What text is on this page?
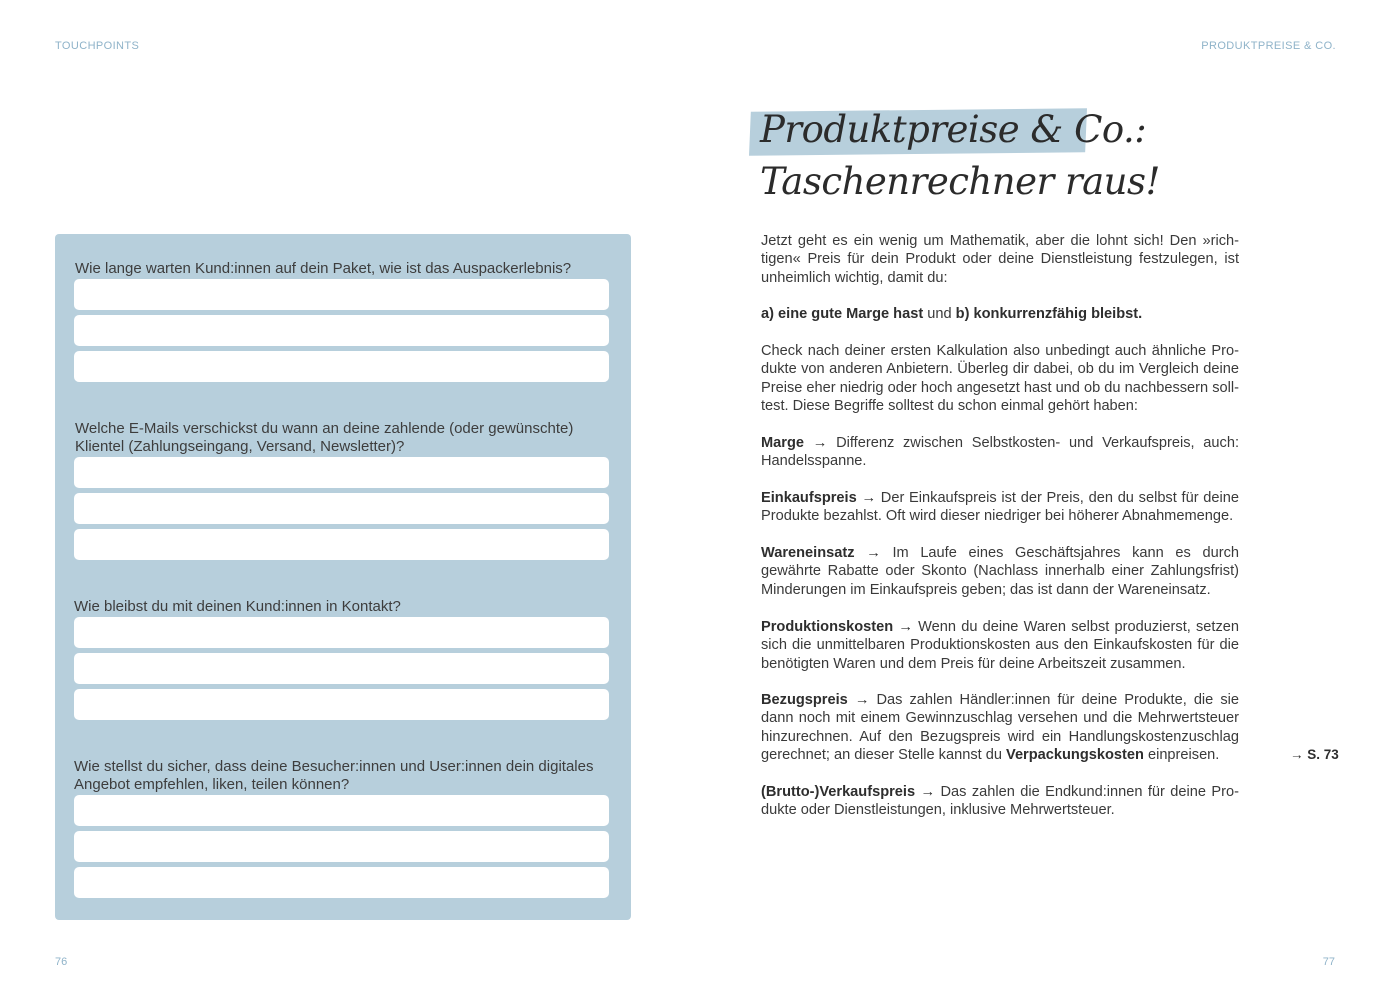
TOUCHPOINTS	PRODUKTPREISE & CO.
Wie lange warten Kund:innen auf dein Paket, wie ist das Auspackerlebnis?
Welche E-Mails verschickst du wann an deine zahlende (oder gewünschte) Klientel (Zahlungseingang, Versand, Newsletter)?
Wie bleibst du mit deinen Kund:innen in Kontakt?
Wie stellst du sicher, dass deine Besucher:innen und User:innen dein digitales Angebot empfehlen, liken, teilen können?
Produktpreise & Co.:
Taschenrechner raus!

Jetzt geht es ein wenig um Mathematik, aber die lohnt sich! Den »richtigen« Preis für dein Produkt oder deine Dienstleistung festzulegen, ist unheimlich wichtig, damit du:

a) eine gute Marge hast und b) konkurrenzfähig bleibst.

Check nach deiner ersten Kalkulation also unbedingt auch ähnliche Produkte von anderen Anbietern. Überleg dir dabei, ob du im Vergleich deine Preise eher niedrig oder hoch angesetzt hast und ob du nachbessern solltest. Diese Begriffe solltest du schon einmal gehört haben:

Marge → Differenz zwischen Selbstkosten- und Verkaufspreis, auch: Handelsspanne.

Einkaufspreis → Der Einkaufspreis ist der Preis, den du selbst für deine Produkte bezahlst. Oft wird dieser niedriger bei höherer Abnahmemenge.

Wareneinsatz → Im Laufe eines Geschäftsjahres kann es durch gewährte Rabatte oder Skonto (Nachlass innerhalb einer Zahlungsfrist) Minderungen im Einkaufspreis geben; das ist dann der Wareneinsatz.

Produktionskosten → Wenn du deine Waren selbst produzierst, setzen sich die unmittelbaren Produktionskosten aus den Einkaufskosten für die benötigten Waren und dem Preis für deine Arbeitszeit zusammen.

Bezugspreis → Das zahlen Händler:innen für deine Produkte, die sie dann noch mit einem Gewinnzuschlag versehen und die Mehrwertsteuer hinzurechnen. Auf den Bezugspreis wird ein Handlungskostenzuschlag gerechnet; an dieser Stelle kannst du Verpackungskosten einpreisen.

(Brutto-)Verkaufspreis → Das zahlen die Endkund:innen für deine Produkte oder Dienstleistungen, inklusive Mehrwertsteuer.

→ S. 73
76	77
